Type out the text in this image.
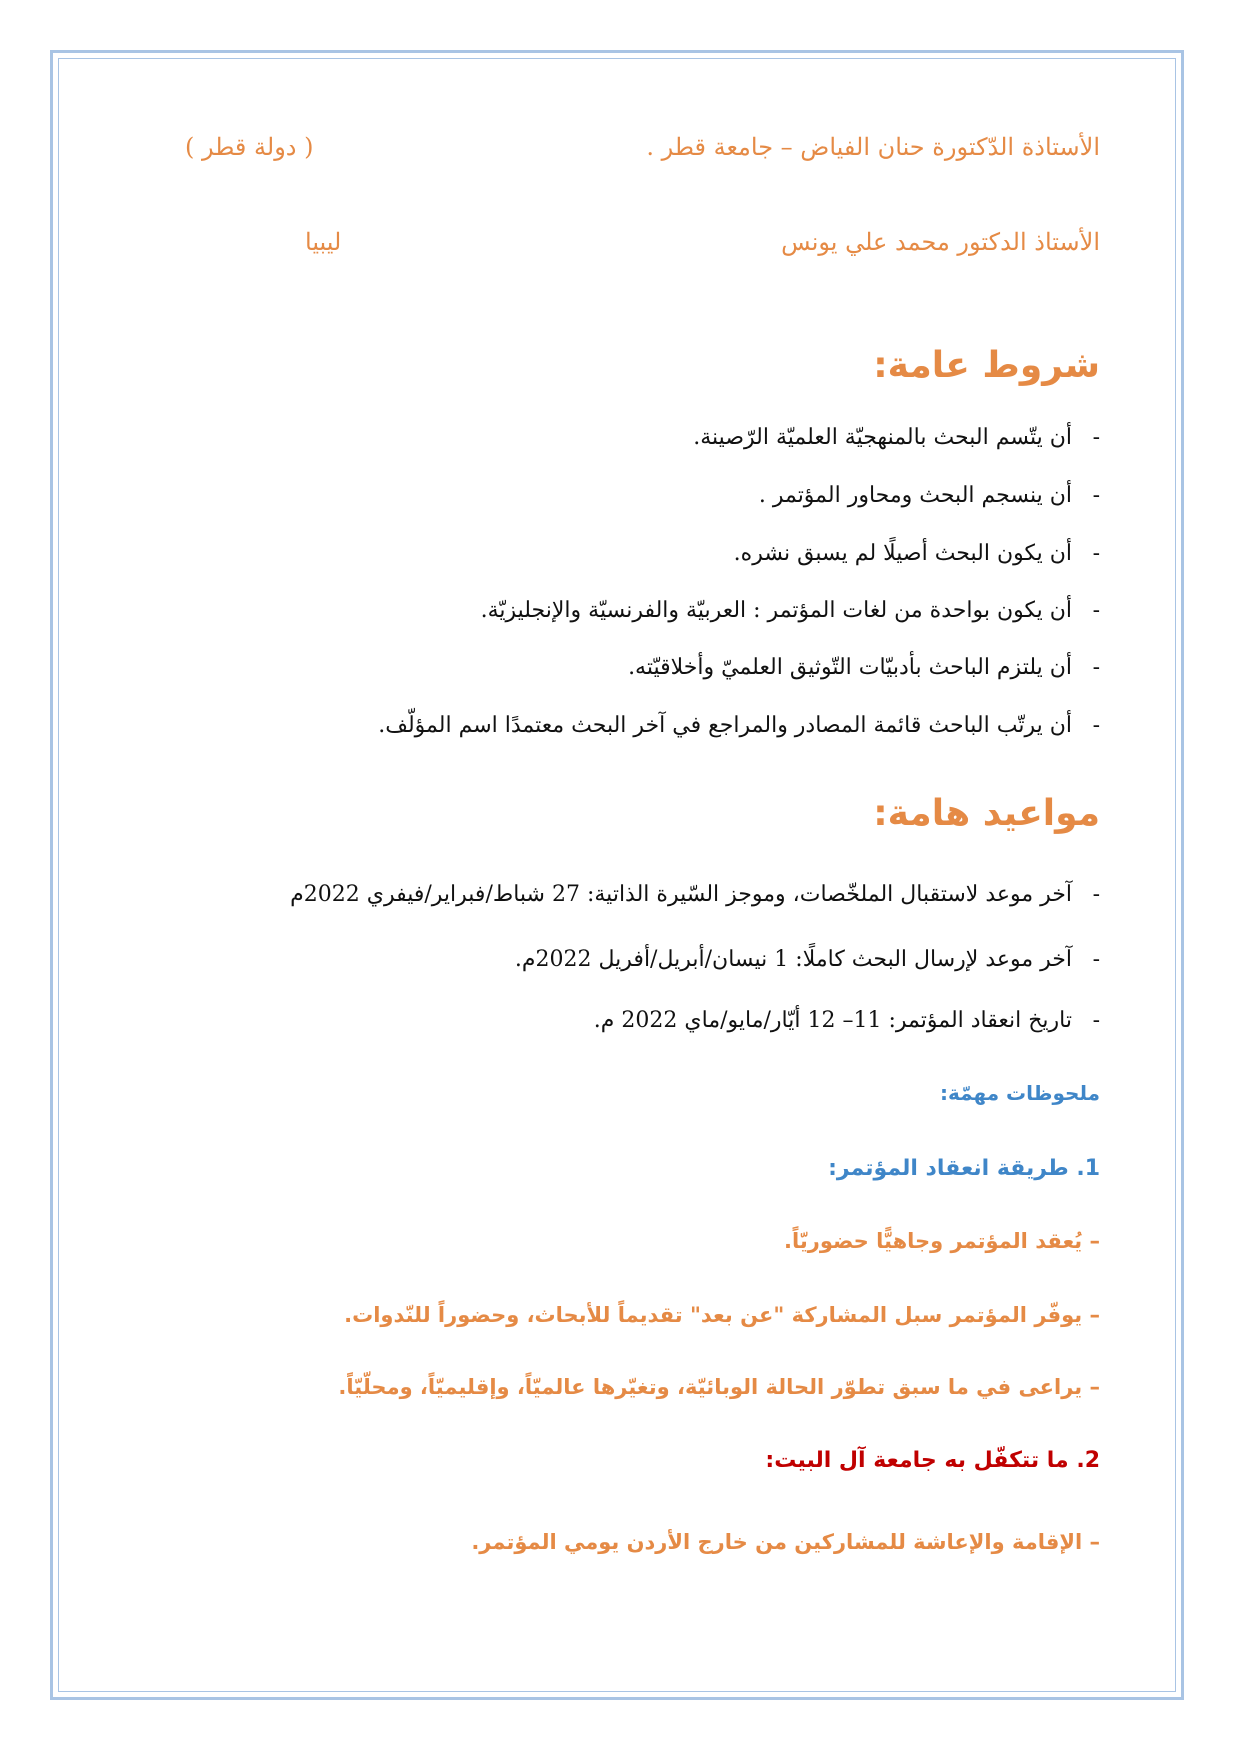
الأستاذة الدّكتورة حنان الفياض – جامعة قطر .
( دولة قطر )
الأستاذ الدكتور محمد علي يونس
ليبيا
شروط عامة:
-أن يتّسم البحث بالمنهجيّة العلميّة الرّصينة.
-أن ينسجم البحث ومحاور المؤتمر .
-أن يكون البحث أصيلًا لم يسبق نشره.
-أن يكون بواحدة من لغات المؤتمر : العربيّة والفرنسيّة والإنجليزيّة.
-أن يلتزم الباحث بأدبيّات التّوثيق العلميّ وأخلاقيّته.
-أن يرتّب الباحث قائمة المصادر والمراجع في آخر البحث معتمدًا اسم المؤلّف.
مواعيد هامة:
-آخر موعد لاستقبال الملخّصات، وموجز السّيرة الذاتية: 27 شباط/فبراير/فيفري 2022م
-آخر موعد لإرسال البحث كاملًا: 1 نيسان/أبريل/أفريل 2022م.
-تاريخ انعقاد المؤتمر: 11– 12 أيّار/مايو/ماي 2022 م.
ملحوظات مهمّة:
1. طريقة انعقاد المؤتمر:
– يُعقد المؤتمر وجاهيًّا حضوريّاً.
– يوفّر المؤتمر سبل المشاركة "عن بعد" تقديماً للأبحاث، وحضوراً للنّدوات.
– يراعى في ما سبق تطوّر الحالة الوبائيّة، وتغيّرها عالميّاً، وإقليميّاً، ومحلّيّاً.
2. ما تتكفّل به جامعة آل البيت:
– الإقامة والإعاشة للمشاركين من خارج الأردن يومي المؤتمر.
